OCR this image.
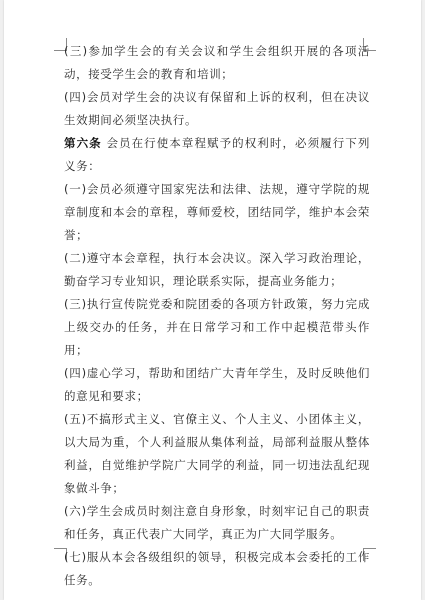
(三)参加学生会的有关会议和学生会组织开展的各项活动，接受学生会的教育和培训；

(四)会员对学生会的决议有保留和上诉的权利，但在决议生效期间必须坚决执行。

第六条 会员在行使本章程赋予的权利时，必须履行下列义务：

(一)会员必须遵守国家宪法和法律、法规，遵守学院的规章制度和本会的章程，尊师爱校，团结同学，维护本会荣誉；

(二)遵守本会章程，执行本会决议。深入学习政治理论，勤奋学习专业知识，理论联系实际，提高业务能力；

(三)执行宣传院党委和院团委的各项方针政策，努力完成上级交办的任务，并在日常学习和工作中起模范带头作用；

(四)虚心学习，帮助和团结广大青年学生，及时反映他们的意见和要求；

(五)不搞形式主义、官僚主义、个人主义、小团体主义，以大局为重，个人利益服从集体利益，局部利益服从整体利益，自觉维护学院广大同学的利益，同一切违法乱纪现象做斗争；

(六)学生会成员时刻注意自身形象，时刻牢记自己的职责和任务，真正代表广大同学，真正为广大同学服务。

(七)服从本会各级组织的领导，积极完成本会委托的工作任务。
